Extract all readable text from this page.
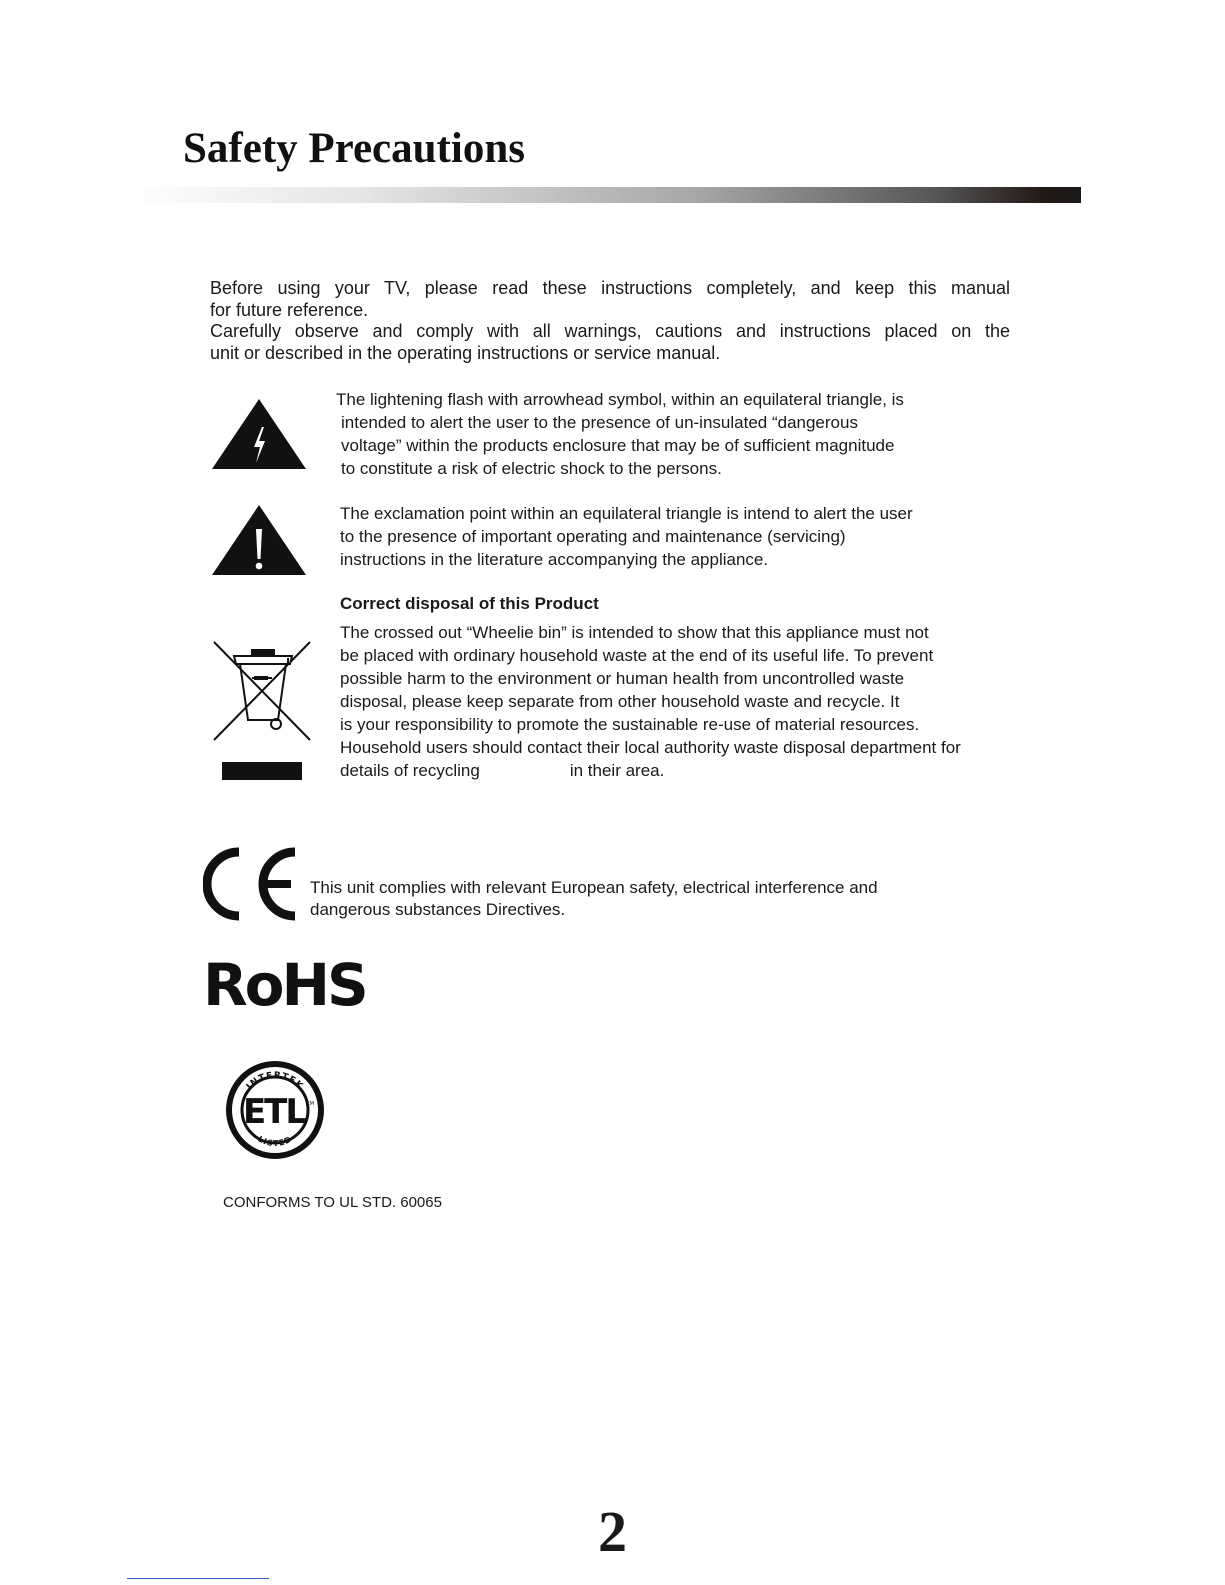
Safety Precautions

Before using your TV, please read these instructions completely, and keep this manual

for future reference.

Carefully observe and comply with all warnings, cautions and instructions placed on the

unit or described in the operating instructions or service manual.

The lightening flash with arrowhead symbol, within an equilateral triangle, is
intended to alert the user to the presence of un-insulated “dangerous
voltage” within the products enclosure that may be of sufficient magnitude
to constitute a risk of electric shock to the persons.
The exclamation point within an equilateral triangle is intend to alert the user
to the presence of important operating and maintenance (servicing)
instructions in the literature accompanying the appliance.
Correct disposal of this Product
The crossed out “Wheelie bin” is intended to show that this appliance must not
be placed with ordinary household waste at the end of its useful life. To prevent
possible harm to the environment or human health from uncontrolled waste
disposal, please keep separate from other household waste and recycle. It
is your responsibility to promote the sustainable re-use of material resources.
Household users should contact their local authority waste disposal department for
details of recycling	in their area.
This unit complies with relevant European safety, electrical interference and
dangerous substances Directives.
RoHS
INTERTEK
LISTED
ETL CM
CONFORMS TO UL STD. 60065
2
